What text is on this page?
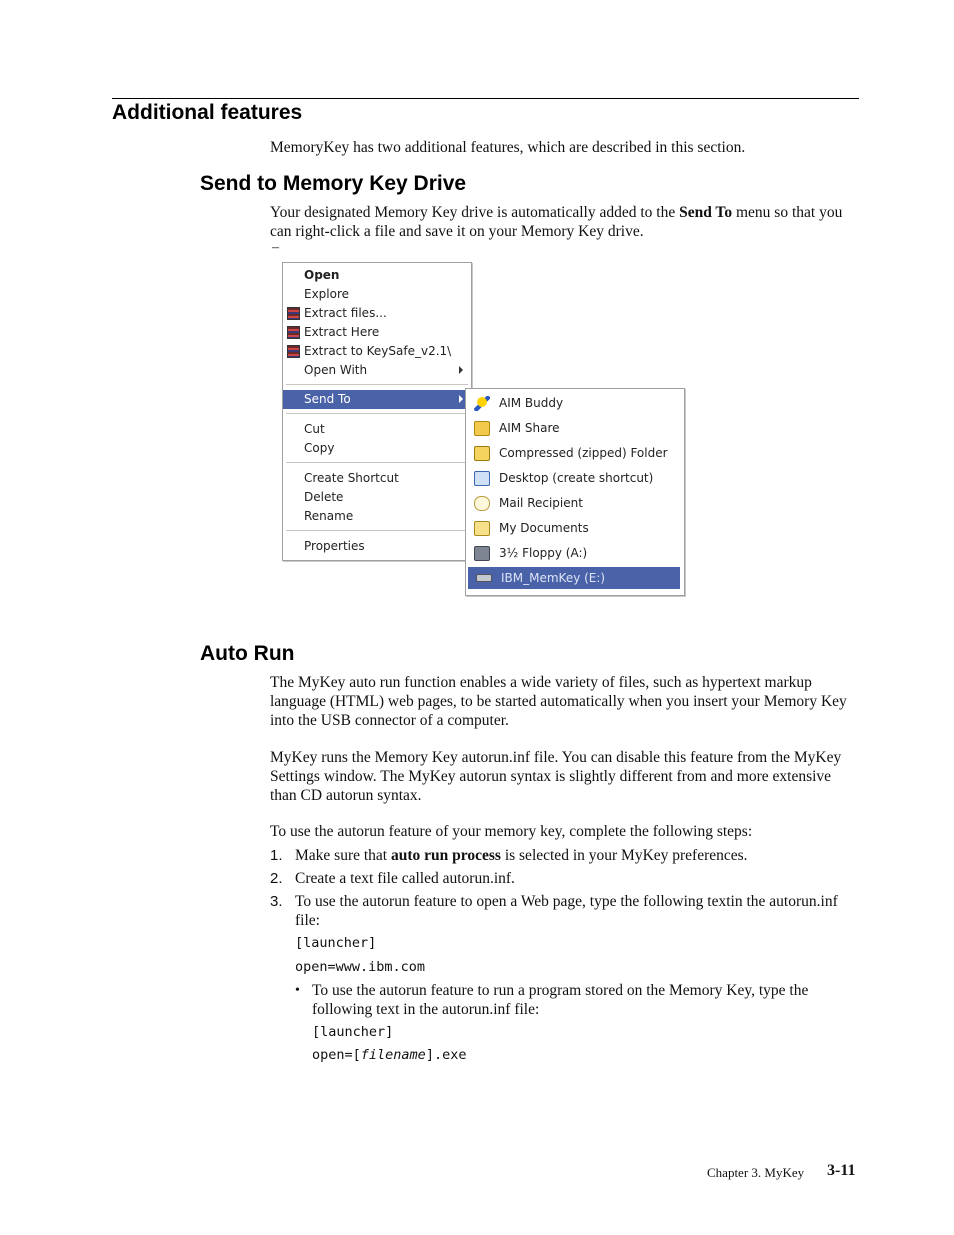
Additional features

MemoryKey has two additional features, which are described in this section.

Send to Memory Key Drive

Your designated Memory Key drive is automatically added to the Send To menu so that you can right-click a file and save it on your Memory Key drive.

–
Open
Explore
Extract files...
Extract Here
Extract to KeySafe_v2.1\
Open With
Send To
Cut
Copy
Create Shortcut
Delete
Rename
Properties
AIM Buddy
AIM Share
Compressed (zipped) Folder
Desktop (create shortcut)
Mail Recipient
My Documents
3½ Floppy (A:)
IBM_MemKey (E:)
Auto Run

The MyKey auto run function enables a wide variety of files, such as hypertext markup language (HTML) web pages, to be started automatically when you insert your Memory Key into the USB connector of a computer.

MyKey runs the Memory Key autorun.inf file. You can disable this feature from the MyKey Settings window. The MyKey autorun syntax is slightly different from and more extensive than CD autorun syntax.

To use the autorun feature of your memory key, complete the following steps:

1. Make sure that auto run process is selected in your MyKey preferences.
2. Create a text file called autorun.inf.
3. To use the autorun feature to open a Web page, type the following textin the autorun.inf file:
[launcher]
open=www.ibm.com
• To use the autorun feature to run a program stored on the Memory Key, type the following text in the autorun.inf file:
[launcher]
open=[filename].exe
Chapter 3. MyKey 3-11
